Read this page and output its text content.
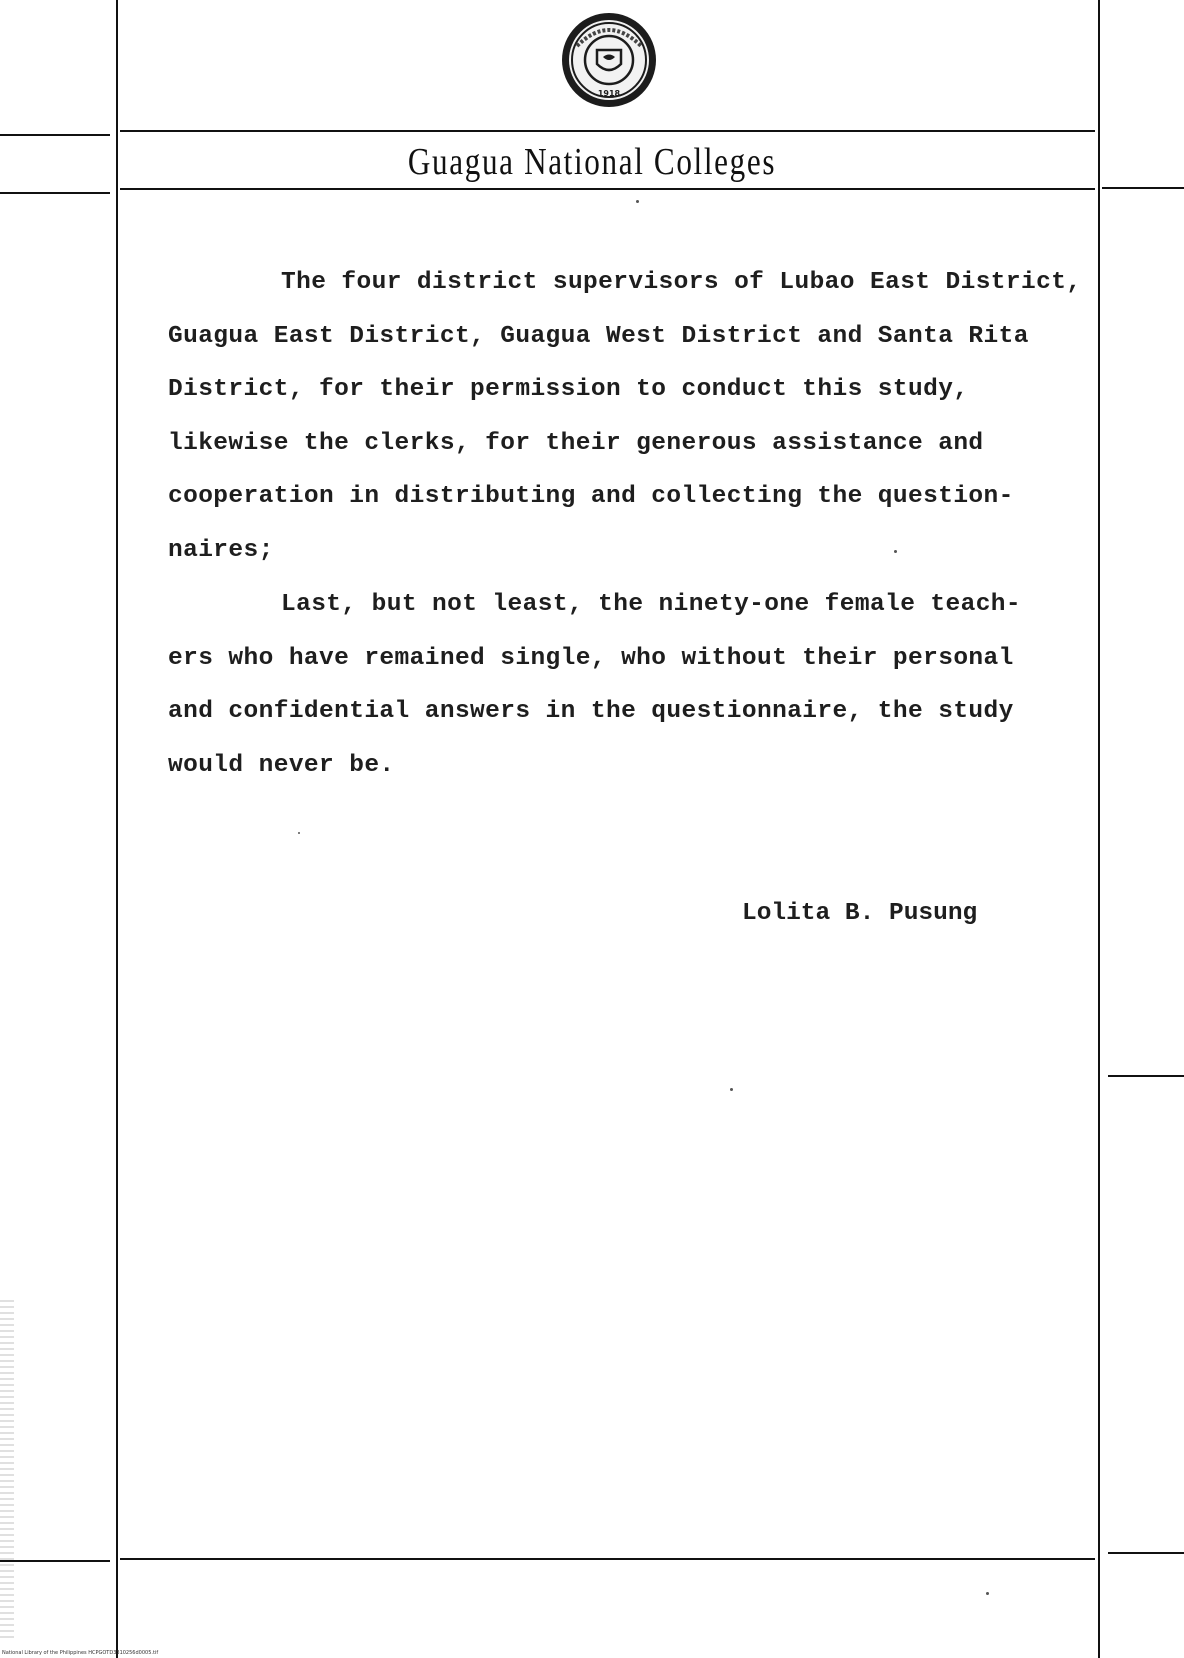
1918
Guagua National Colleges
The four district supervisors of Lubao East District,
Guagua East District, Guagua West District and Santa Rita
District, for their permission to conduct this study,
likewise the clerks, for their generous assistance and
cooperation in distributing and collecting the question-
naires;
Last, but not least, the ninety-one female teach-
ers who have remained single, who without their personal
and confidential answers in the questionnaire, the study
would never be.
Lolita B. Pusung
National Library of the Philippines HCPGOTD3310256d0005.tif
